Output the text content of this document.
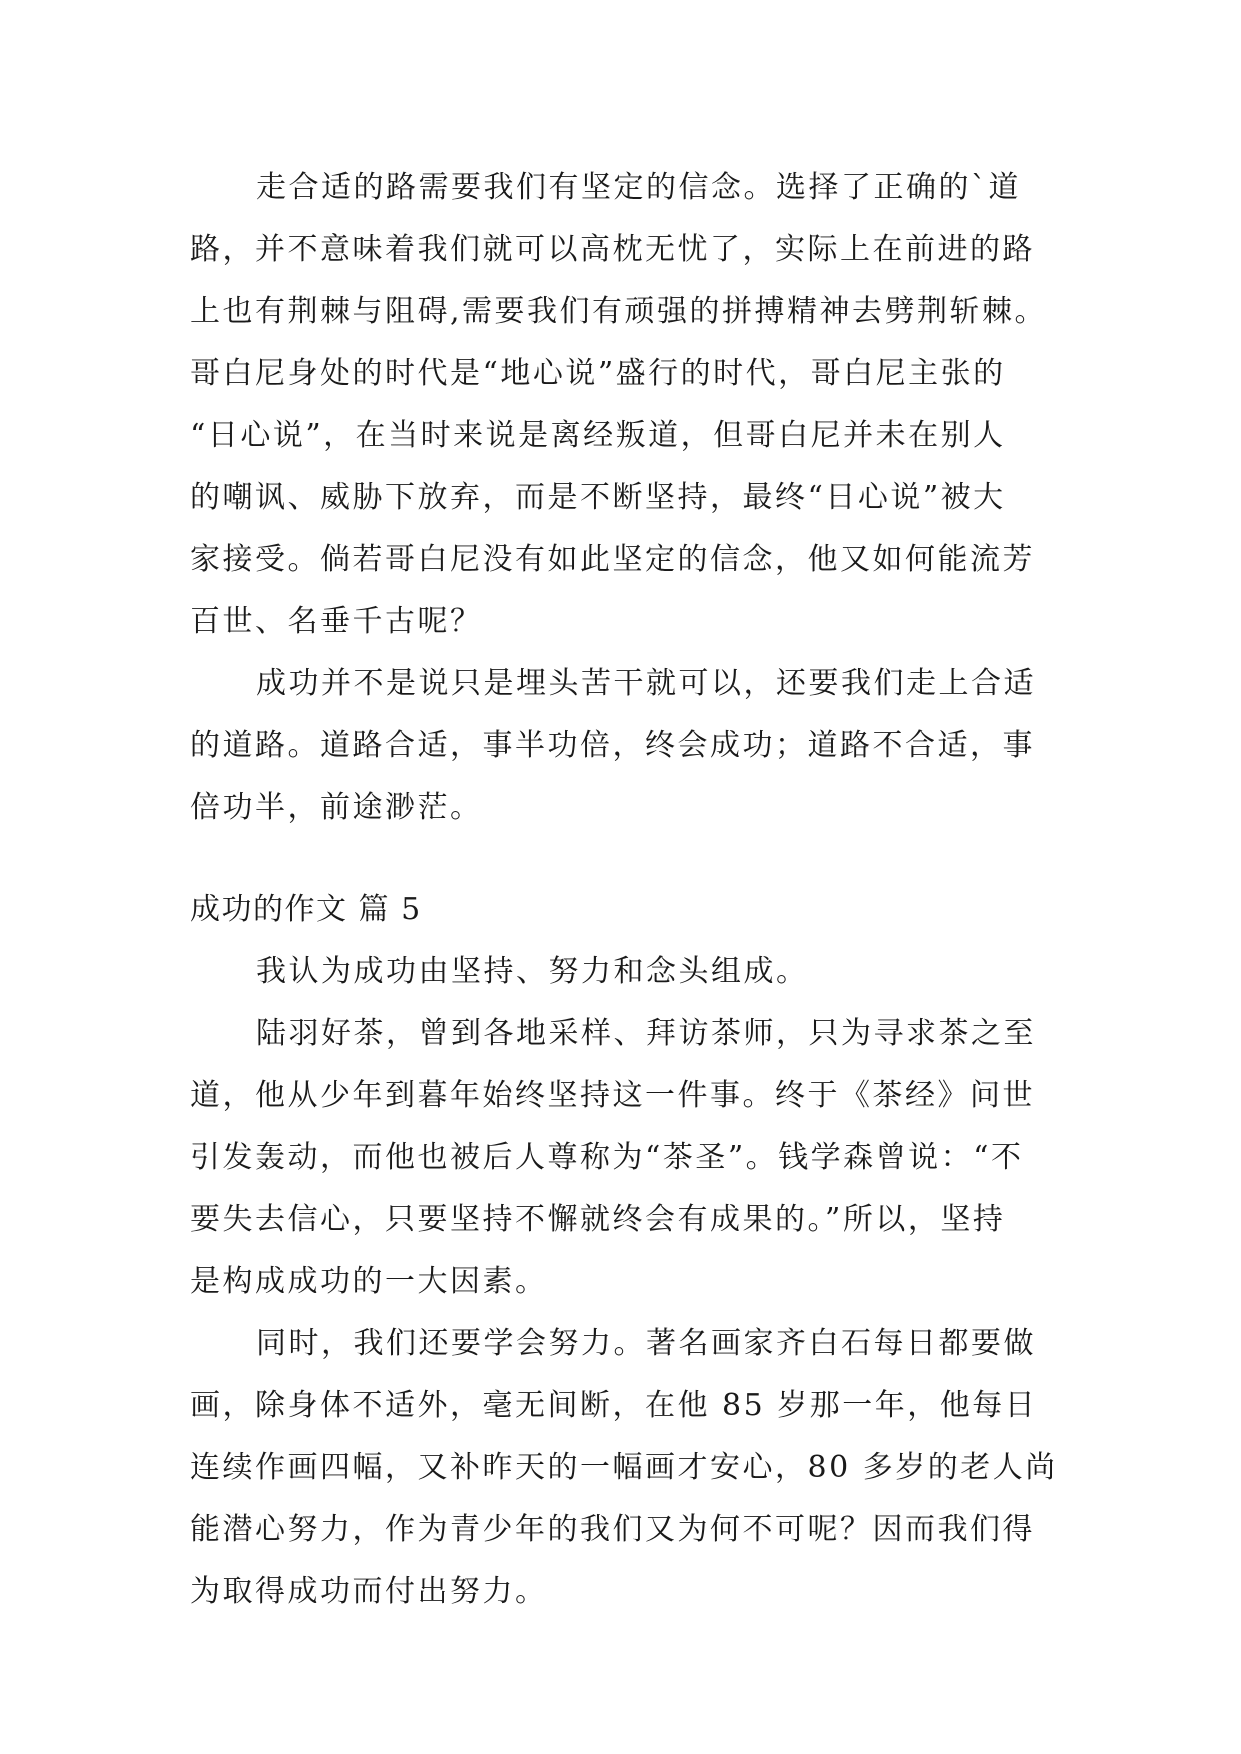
走合适的路需要我们有坚定的信念。选择了正确的`道

路，并不意味着我们就可以高枕无忧了，实际上在前进的路

上也有荆棘与阻碍,需要我们有顽强的拼搏精神去劈荆斩棘。

哥白尼身处的时代是“地心说”盛行的时代，哥白尼主张的

“日心说”，在当时来说是离经叛道，但哥白尼并未在别人

的嘲讽、威胁下放弃，而是不断坚持，最终“日心说”被大

家接受。倘若哥白尼没有如此坚定的信念，他又如何能流芳

百世、名垂千古呢？

成功并不是说只是埋头苦干就可以，还要我们走上合适

的道路。道路合适，事半功倍，终会成功；道路不合适，事

倍功半，前途渺茫。

成功的作文 篇 5

我认为成功由坚持、努力和念头组成。

陆羽好茶，曾到各地采样、拜访茶师，只为寻求茶之至

道，他从少年到暮年始终坚持这一件事。终于《茶经》问世

引发轰动，而他也被后人尊称为“茶圣”。钱学森曾说：“不

要失去信心，只要坚持不懈就终会有成果的。”所以，坚持

是构成成功的一大因素。

同时，我们还要学会努力。著名画家齐白石每日都要做

画，除身体不适外，毫无间断，在他 85 岁那一年，他每日

连续作画四幅，又补昨天的一幅画才安心，80 多岁的老人尚

能潜心努力，作为青少年的我们又为何不可呢？因而我们得

为取得成功而付出努力。
